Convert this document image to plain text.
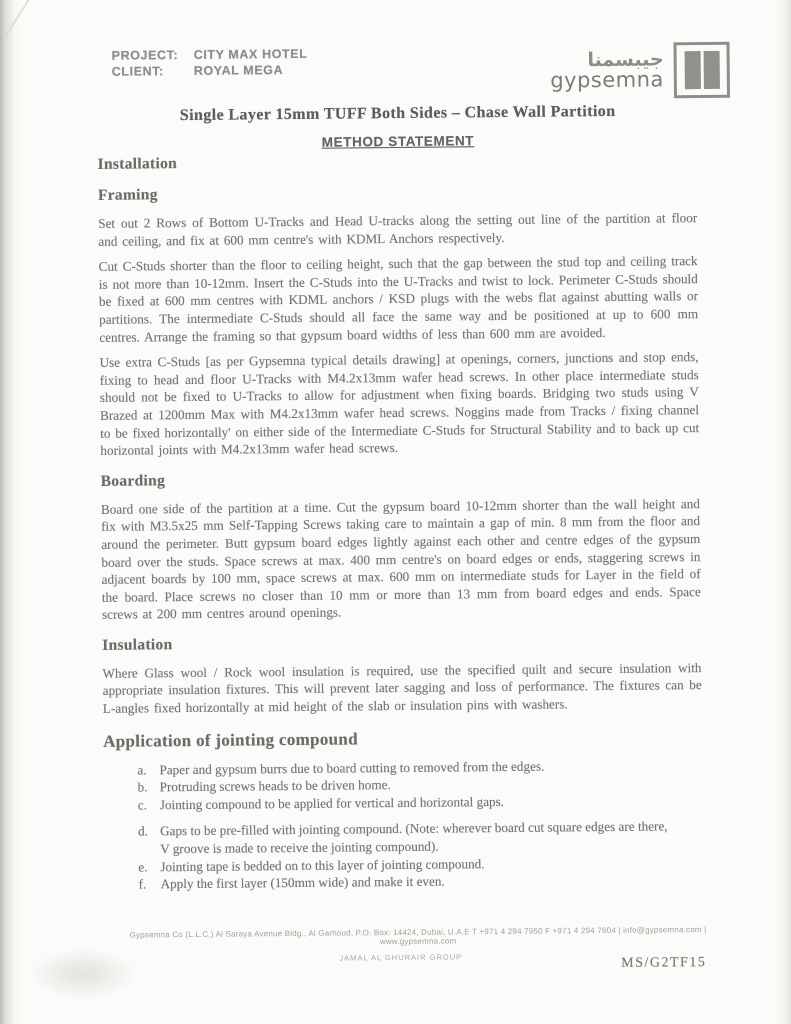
PROJECT: CITY MAX HOTEL
CLIENT: ROYAL MEGA	جيبسمنا
gypsemna
Single Layer 15mm TUFF Both Sides – Chase Wall Partition
METHOD STATEMENT
Installation
Framing

Set out 2 Rows of Bottom U-Tracks and Head U-tracks along the setting out line of the partition at floor and ceiling, and fix at 600 mm centre's with KDML Anchors respectively.

Cut C-Studs shorter than the floor to ceiling height, such that the gap between the stud top and ceiling track is not more than 10-12mm. Insert the C-Studs into the U-Tracks and twist to lock. Perimeter C-Studs should be fixed at 600 mm centres with KDML anchors / KSD plugs with the webs flat against abutting walls or partitions. The intermediate C-Studs should all face the same way and be positioned at up to 600 mm centres. Arrange the framing so that gypsum board widths of less than 600 mm are avoided.

Use extra C-Studs [as per Gypsemna typical details drawing] at openings, corners, junctions and stop ends, fixing to head and floor U-Tracks with M4.2x13mm wafer head screws. In other place intermediate studs should not be fixed to U-Tracks to allow for adjustment when fixing boards. Bridging two studs using V Brazed at 1200mm Max with M4.2x13mm wafer head screws. Noggins made from Tracks / fixing channel to be fixed horizontally' on either side of the Intermediate C-Studs for Structural Stability and to back up cut horizontal joints with M4.2x13mm wafer head screws.

Boarding

Board one side of the partition at a time. Cut the gypsum board 10-12mm shorter than the wall height and fix with M3.5x25 mm Self-Tapping Screws taking care to maintain a gap of min. 8 mm from the floor and around the perimeter. Butt gypsum board edges lightly against each other and centre edges of the gypsum board over the studs. Space screws at max. 400 mm centre's on board edges or ends, staggering screws in adjacent boards by 100 mm, space screws at max. 600 mm on intermediate studs for Layer in the field of the board. Place screws no closer than 10 mm or more than 13 mm from board edges and ends. Space screws at 200 mm centres around openings.

Insulation

Where Glass wool / Rock wool insulation is required, use the specified quilt and secure insulation with appropriate insulation fixtures. This will prevent later sagging and loss of performance. The fixtures can be L-angles fixed horizontally at mid height of the slab or insulation pins with washers.

Application of jointing compound
a. Paper and gypsum burrs due to board cutting to removed from the edges.
b. Protruding screws heads to be driven home.
c. Jointing compound to be applied for vertical and horizontal gaps.
d. Gaps to be pre-filled with jointing compound. (Note: wherever board cut square edges are there, V groove is made to receive the jointing compound).
e. Jointing tape is bedded on to this layer of jointing compound.
f.	Apply the first layer (150mm wide) and make it even.
Gypsemna Co (L.L.C.) Al Saraya Avenue Bldg., Al Garhoud, P.O. Box: 14424, Dubai, U.A.E T +971 4 294 7950 F +971 4 294 7604 | info@gypsemna.com | www.gypsemna.com
JAMAL AL GHURAIR GROUP	MS/G2TF15
